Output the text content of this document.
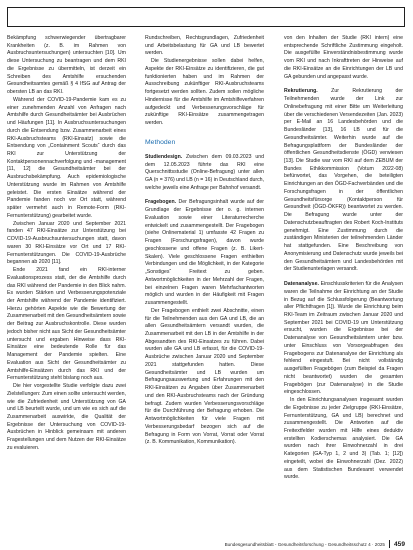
Bekämpfung schwerwiegender übertragbarer Krankheiten (z. B. im Rahmen von Ausbruchsuntersuchungen) untersuchten [10]. Um diese Untersuchung zu beantragen und dem RKI die Ergebnisse zu übermitteln, ist derzeit ein Schreiben des Amtshilfe ersuchenden Gesundheitsamtes gemäß § 4 IfSG auf Antrag der obersten LB an das RKI.

Während der COVID-19-Pandemie kam es zu einer zunehmenden Anzahl von Anfragen nach Amtshilfe durch Gesundheitsämter bei Ausbrüchen und Häufungen [11]. In Ausbruchsuntersuchungen durch die Entsendung bzw. Zusammenarbeit eines RKI-Ausbruchsteams (RKI-Einsatz) sowie die Entsendung von „Containment Scouts“ durch das RKI zur Unterstützung der Kontaktpersonennachverfolgung und -management [11, 12] die Gesundheitsämter bei der Ausbruchsbekämpfung. Auch epidemiologische Unterstützung wurde im Rahmen von Amtshilfe geleistet. Die ersten Einsätze während der Pandemie fanden noch vor Ort statt, während später vermehrt auch in Remote-Form (RKI-Fernunterstützung) gearbeitet wurde.

Zwischen Januar 2020 und September 2021 fanden 47 RKI-Einsätze zur Unterstützung bei COVID-19-Ausbruchsuntersuchungen statt, davon waren 30 RKI-Einsätze vor Ort und 17 RKI-Fernunterstützungen. Die COVID-19-Ausbrüche begannen ab 2020 [11].

Ende 2021 fand ein RKI-interner Evaluationsprozess statt, der die Amtshilfe durch das RKI während der Pandemie in den Blick nahm. Es wurden Stärken und Verbesserungspotenziale der Amtshilfe während der Pandemie identifiziert. Hierzu gehörten Aspekte wie die Bewertung der Zusammenarbeit mit den Gesundheitsämtern sowie der Beitrag zur Ausbruchskontrolle. Diese wurden jedoch bisher nicht aus Sicht der Gesundheitsämter untersucht und ergaben Hinweise dass RKI-Einsätze eine bedeutende Rolle für das Management der Pandemie spielten. Eine Evaluation aus Sicht der Gesundheitsämter zu Amtshilfe-Einsätzen durch das RKI und der Fernunterstützung steht bislang noch aus.

Die hier vorgestellte Studie verfolgte dazu zwei Zielstellungen: Zum einen sollte untersucht werden, wie die Zufriedenheit und Unterstützung von GA und LB beurteilt wurde, und um wie es sich auf die Zusammenarbeit auswirkte, die Qualität der Ergebnisse der Untersuchung von COVID-19-Ausbrüchen in Hinblick gemeinsam mit anderen Fragestellungen und dem Nutzen der RKI-Einsätze zu evaluieren.

Rundschreiben, Rechtsgrundlagen, Zufriedenheit und Arbeitsbelastung für GA und LB bewertet werden.

Die Studienergebnisse sollen dabei helfen, Aspekte der RKI-Einsätze zu identifizieren, die gut funktionierten haben und im Rahmen der Ausschreibung zukünftiger RKI-Ausbruchsteams fortgesetzt werden sollten. Zudem sollen mögliche Hindernisse für die Amtshilfe im Amtshilfeverfahren aufgedeckt und Verbesserungsvorschläge für zukünftige RKI-Einsätze zusammengetragen werden.

Methoden

Studiendesign. Zwischen dem 09.03.2023 und dem 12.05.2023 führte das RKI eine Querschnittsstudie (Online-Befragung) unter allen GA (n = 376) und LB (n = 16) in Deutschland durch, welche jeweils eine Anfrage per Bahnhof versandt.

Fragebogen. Der Befragungsinhalt wurde auf der Grundlage der Ergebnisse der o. g. internen Evaluation sowie einer Literaturrecherche entwickelt und zusammengestellt. Der Fragebogen (siehe Onlinematerial 1) umfasste 42 Fragen zu Fragen (Forschungsfragen), davon wurde geschlossene und offene Fragen (z. B. Likert-Skalen). Viele geschlossene Fragen enthielten Verbindungen und die Möglichkeit, in der Kategorie „Sonstiges“ Freitext zu geben. Antwortmöglichkeiten in der Mehrzahl der Fragen, bei einzelnen Fragen waren Mehrfachantworten möglich und wurden in der Häufigkeit mit Fragen zusammengestellt.

Der Fragebogen enthielt zwei Abschnitte, einen für die Teilnehmenden aus den GA und LB, die an allen Gesundheitsämtern versandt wurden, die Zusammenarbeit mit den LB in der Amtshilfe in der Abgesandten des RKI-Einsatzes zu führen. Dabei wurden alle GA und LB erfasst, für die COVID-19-Ausbrüche zwischen Januar 2020 und September 2021 stattgefunden hatten. Diese Gesundheitsämter und LB wurden um Befragungsauswertung und Erfahrungen mit den RKI-Einsätzen zu Angaben über Zusammenarbeit und den RKI-Ausbruchsteams nach der Gründung befragt. Zudem wurden Verbesserungsvorschläge für die Durchführung der Befragung erhoben. Die Antwortmöglichkeiten für viele Fragen mit Verbesserungsbedarf bezogen sich auf die Befragung in Form von Vorrat, Vorrat oder Vorrat (z. B. Kommunikation, Kommunikation).

von den Inhalten der Studie (RKI intern) eine entsprechende Schriftliche Zustimmung eingeholt. Die ausgefüllte Einverständnisbestimmung wurde vom RKI und nach Inkrafttreten der Hinweise auf die RKI-Einsätze an die Einrichtungen der LB und GA gebunden und angepasst wurde.

Rekrutierung.	Zur Rekrutierung der Teilnehmenden wurde der Link zur Onlinebefragung mit einer Bitte um Weiterleitung über die verschiedenen Versendezeiten (Jan. 2023) per E-Mail an 16 Landesbehörden und die Bundesländer [13], 16 LB und für die Gesundheitsämter. Weiterhin wurde auf die Befragungsplattform der Bundesländer der öffentlichen Gesundheitsdienste (ÖGD) verwiesen [13]. Die Studie war vom RKI auf dem ZEBUM der Bundes Ethikkommission (Votum 2022-08) befürwortet, das Vorgehen, die beteiligten Einrichtungen an den ÖGD-Fachverbänden und die Forschungsfragen in der öffentlichen Gesundheitsfürsorge (Kontaktperson für Gesundheit (ÖGD-ÖKFR)) beantwortet zu werden. Die Befragung wurde unter der Datenschutzbeauftragten des Robert Koch-Instituts genehmigt. Eine Zustimmung durch die zuständigen Ministerien der teilnehmenden Länder hat stattgefunden. Eine Beschreibung von Anonymisierung und Datenschutz wurde jeweils bei den Gesundheitsämtern und Landesbehörden mit der Studienunterlagen versandt.

Datenanalyse. Einschlusskriterien für die Analysen waren die Teilnahme der Einrichtung an der Studie in Bezug auf die Schlussfolgerung (Beantwortung aller Pflichtfragen [1]). Wurde die Einrichtung beim RKI-Team im Zeitraum zwischen Januar 2020 und September 2021 bei COVID-19 um Unterstützung ersucht, wurden die Ergebnisse bei der Datenanalyse von Gesundheitsämtern unter bzw. unter Einschluss von Vorsorgeabfragen des Fragebogens zur Datenanalyse der Einrichtung als fehlend eingestuft. Bei nicht vollständig ausgefüllten Fragebögen (zum Beispiel da Fragen nicht beantwortet) wurden die gesamten Fragebögen (zur Datenanalyse) in die Studie eingeschlossen.

In den Einrichtungsanalysen insgesamt wurden die Ergebnisse zu jeder Zielgruppe (RKI-Einsätze, Fernunterstützung, GA und LB) berechnet und zusammengestellt. Die Antworten auf die Freitextfelder wurden mit Hilfe eines deduktiv erstellten Kodierschemas analysiert. Die GA wurden nach ihrer Einwohnerzahl in drei Kategorien (GA-Typ 1, 2 und 3) (Tab. 1; [12]) eingeteilt, wobei die Einwohnerzahl (Dez. 2022) aus dem Statistischen Bundesamt verwendet wurde.

Bundesgesundheitsblatt - Gesundheitsforschung - Gesundheitsschutz 4 · 2025 459
